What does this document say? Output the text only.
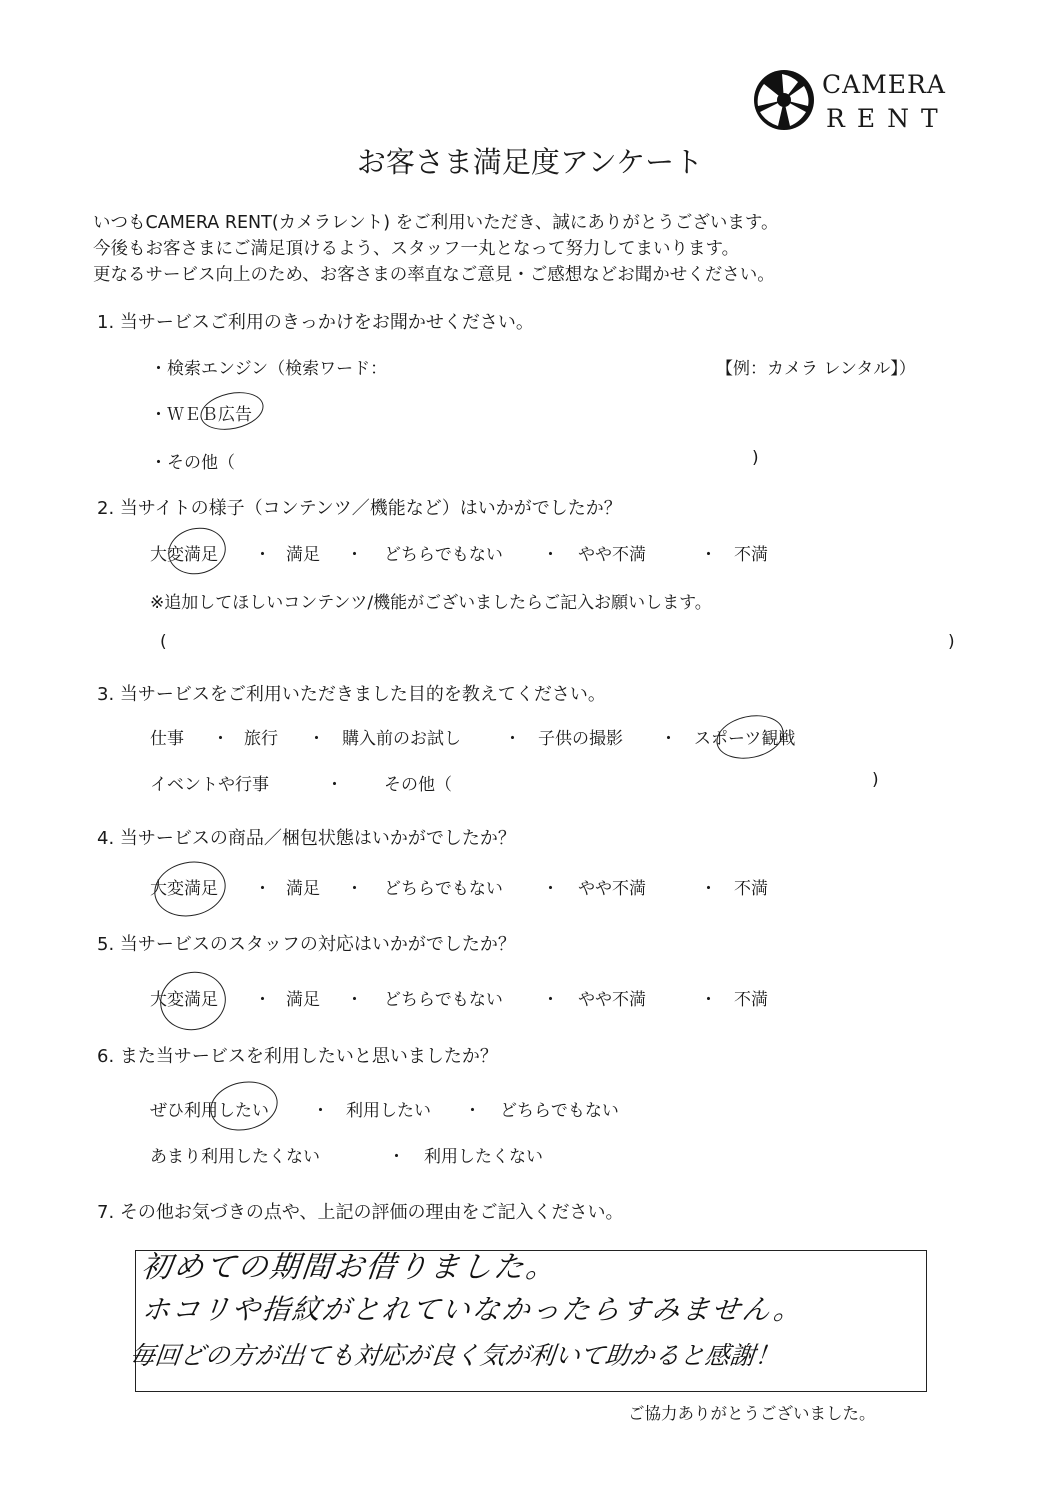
CAMERA
RENT
お客さま満足度アンケート
いつもCAMERA RENT(カメラレント) をご利用いただき、誠にありがとうございます。
今後もお客さまにご満足頂けるよう、スタッフ一丸となって努力してまいります。
更なるサービス向上のため、お客さまの率直なご意見・ご感想などお聞かせください。
1. 当サービスご利用のきっかけをお聞かせください。
・検索エンジン（検索ワード：	【例：カメラ レンタル】）
・ＷＥＢ広告
・その他（	)
2. 当サイトの様子（コンテンツ／機能など）はいかがでしたか？
大変満足 ・ 満足 ・ どちらでもない ・ やや不満	・ 不満
※追加してほしいコンテンツ/機能がございましたらご記入お願いします。
(	)
3. 当サービスをご利用いただきました目的を教えてください。
仕事 ・ 旅行 ・ 購入前のお試し	・ 子供の撮影 ・ スポーツ観戦
イベントや行事	・ その他（	)
4. 当サービスの商品／梱包状態はいかがでしたか？
大変満足 ・ 満足 ・ どちらでもない ・ やや不満	・ 不満
5. 当サービスのスタッフの対応はいかがでしたか？
大変満足 ・ 満足 ・ どちらでもない ・ やや不満	・ 不満
6. また当サービスを利用したいと思いましたか？
ぜひ利用したい	・ 利用したい ・ どちらでもない
あまり利用したくない	・ 利用したくない
7. その他お気づきの点や、上記の評価の理由をご記入ください。
初めての期間お借りました。
ホコリや指紋がとれていなかったらすみません。
毎回どの方が出ても対応が良く気が利いて助かると感謝！
ご協力ありがとうございました。
